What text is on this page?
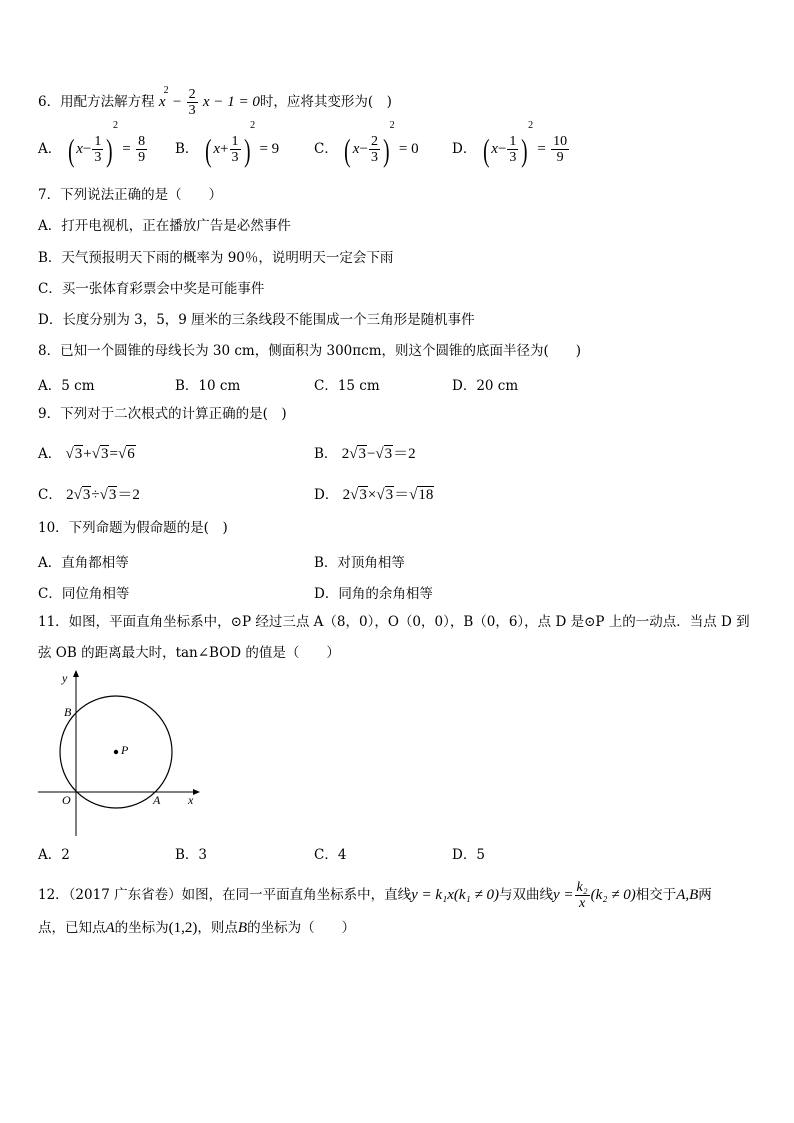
6．用配方法解方程 $x^2 - \frac{2}{3}$ x − 1 = 0时，应将其变形为(　)
A． ( $x- \frac{1}{3} )^2 = \frac{8}{9}$ B． ( $x+ \frac{1}{3} )^2 = 9$	C． ( $x- \frac{2}{3} )^2 = 0$ D． ( $x- \frac{1}{3} )^2 = \frac{10}{9}$
7．下列说法正确的是（　　）
A．打开电视机，正在播放广告是必然事件
B．天气预报明天下雨的概率为 90％，说明明天一定会下雨
C．买一张体育彩票会中奖是可能事件
D．长度分别为 3，5，9 厘米的三条线段不能围成一个三角形是随机事件
8．已知一个圆锥的母线长为 30 cm，侧面积为 300πcm，则这个圆锥的底面半径为(　　)
A．5 cm	B．10 cm	C．15 cm	D．20 cm
9．下列对于二次根式的计算正确的是(　)
A． √3+√3=√6	B． 2√3−√3＝2
C． 2√3÷√3＝2	D． 2√3×√3＝√18
10．下列命题为假命题的是(　)
A．直角都相等	B．对顶角相等
C．同位角相等	D．同角的余角相等
11．如图，平面直角坐标系中，⊙P 经过三点 A（8，0），O（0，0），B（0，6），点 D 是⊙P 上的一动点．当点 D 到
弦 OB 的距离最大时，tan∠BOD 的值是（　　）
y
x
B
P
O	A
A．2	B．3	C．4	D．5
12．（2017 广东省卷）如图，在同一平面直角坐标系中，直线y = k₁x(k₁ ≠ 0)与双曲线$y = \frac{\text{k₂}}{x} (k_2 \ne 0)$相交于A,B两
点，已知点A的坐标为(1,2)，则点B的坐标为（　　）
